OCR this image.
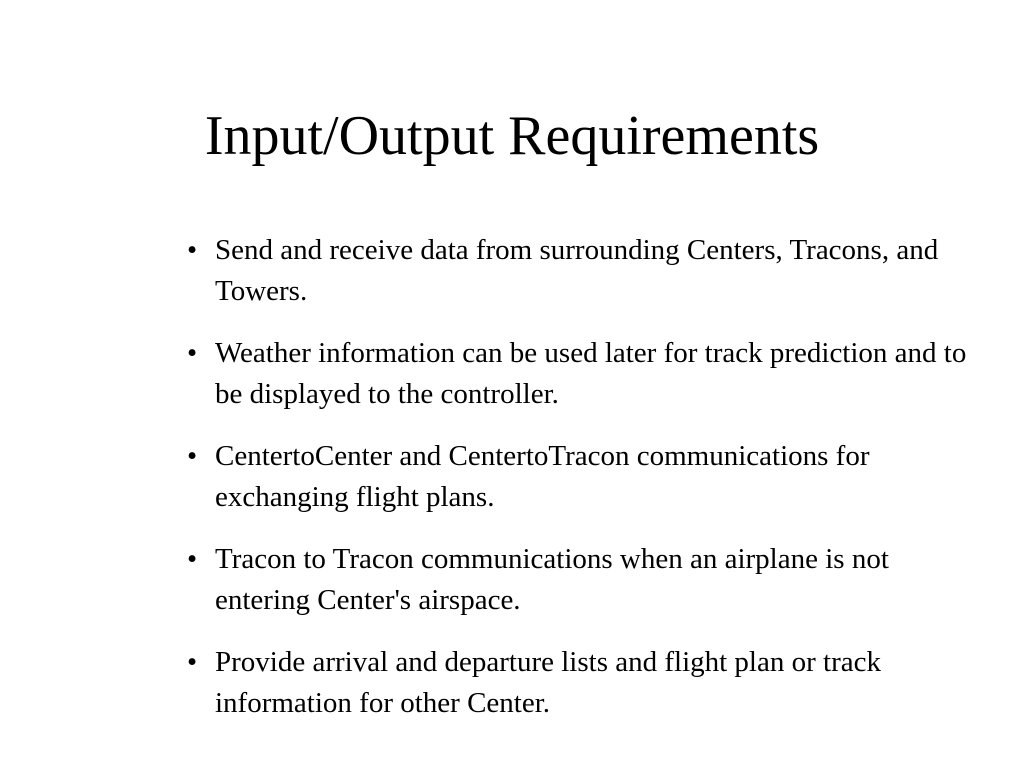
Input/Output Requirements
• Send and receive data from surrounding Centers, Tracons, and Towers.
• Weather information can be used later for track prediction and to be displayed to the controller.
• CentertoCenter and CentertoTracon communications for exchanging flight plans.
• Tracon to Tracon communications when an airplane is not entering Center's airspace.
• Provide arrival and departure lists and flight plan or track information for other Center.
